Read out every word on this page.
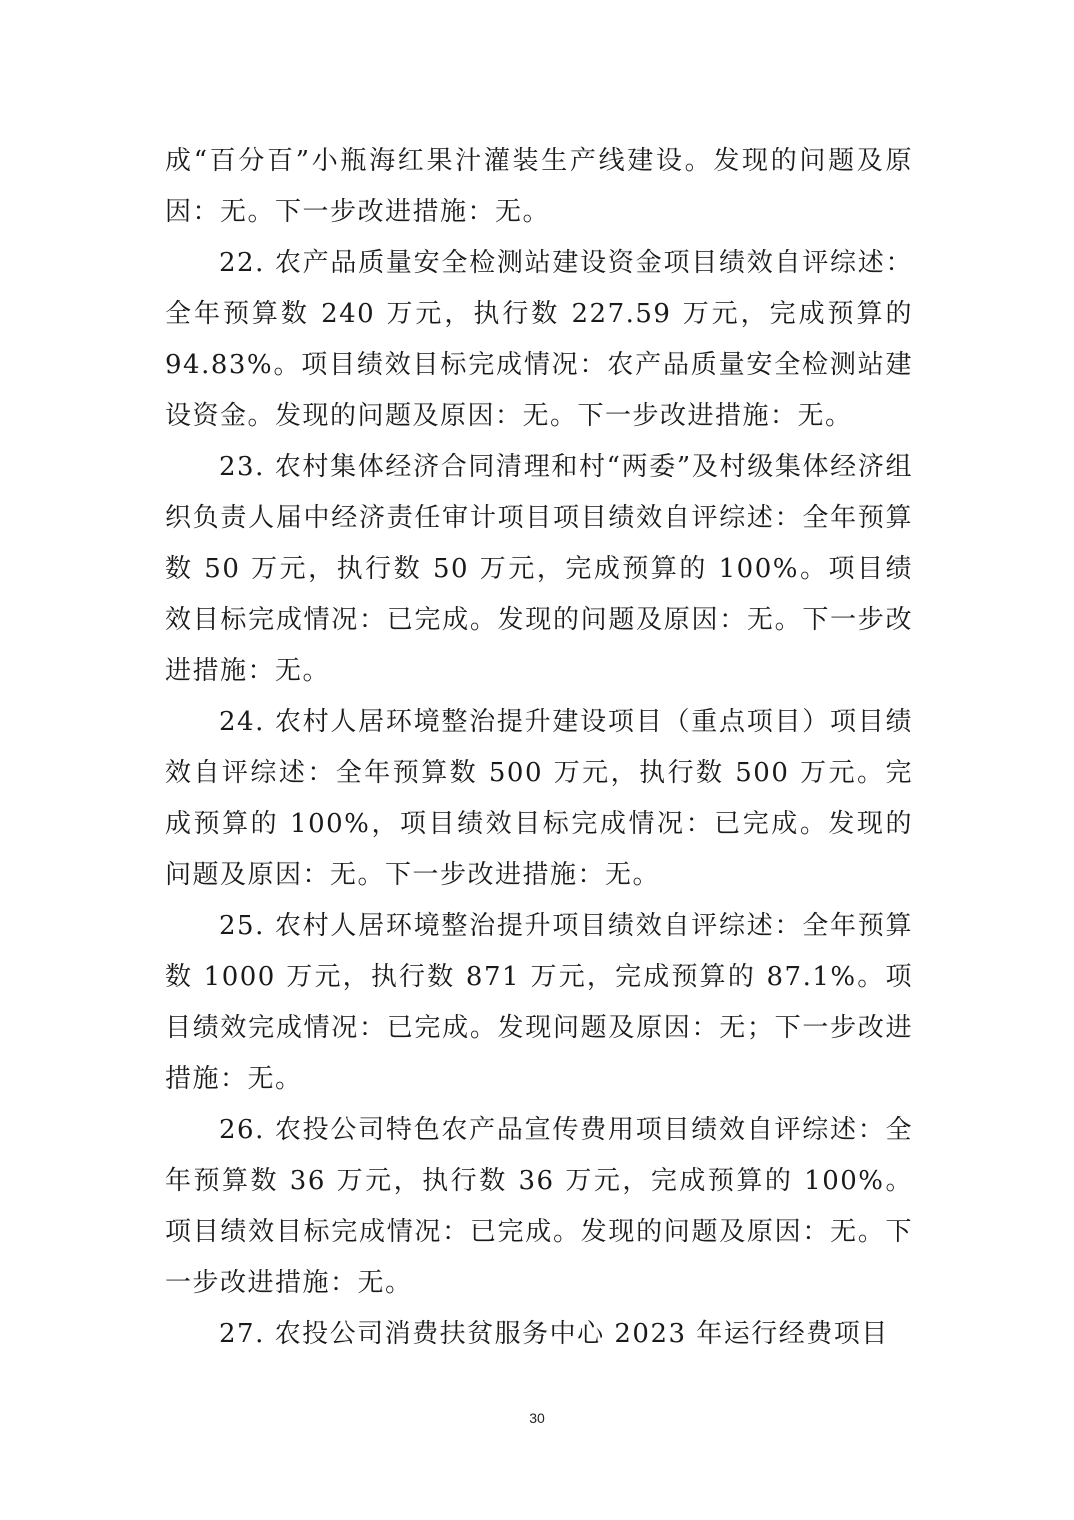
成“百分百”小瓶海红果汁灌装生产线建设。发现的问题及原因：无。下一步改进措施：无。

22. 农产品质量安全检测站建设资金项目绩效自评综述：全年预算数 240 万元，执行数 227.59 万元，完成预算的 94.83%。项目绩效目标完成情况：农产品质量安全检测站建设资金。发现的问题及原因：无。下一步改进措施：无。

23. 农村集体经济合同清理和村“两委”及村级集体经济组织负责人届中经济责任审计项目项目绩效自评综述：全年预算数 50 万元，执行数 50 万元，完成预算的 100%。项目绩效目标完成情况：已完成。发现的问题及原因：无。下一步改进措施：无。

24. 农村人居环境整治提升建设项目（重点项目）项目绩效自评综述：全年预算数 500 万元，执行数 500 万元。完成预算的 100%，项目绩效目标完成情况：已完成。发现的问题及原因：无。下一步改进措施：无。

25. 农村人居环境整治提升项目绩效自评综述：全年预算数 1000 万元，执行数 871 万元，完成预算的 87.1%。项目绩效完成情况：已完成。发现问题及原因：无；下一步改进措施：无。

26. 农投公司特色农产品宣传费用项目绩效自评综述：全年预算数 36 万元，执行数 36 万元，完成预算的 100%。项目绩效目标完成情况：已完成。发现的问题及原因：无。下一步改进措施：无。

27. 农投公司消费扶贫服务中心 2023 年运行经费项目

30
